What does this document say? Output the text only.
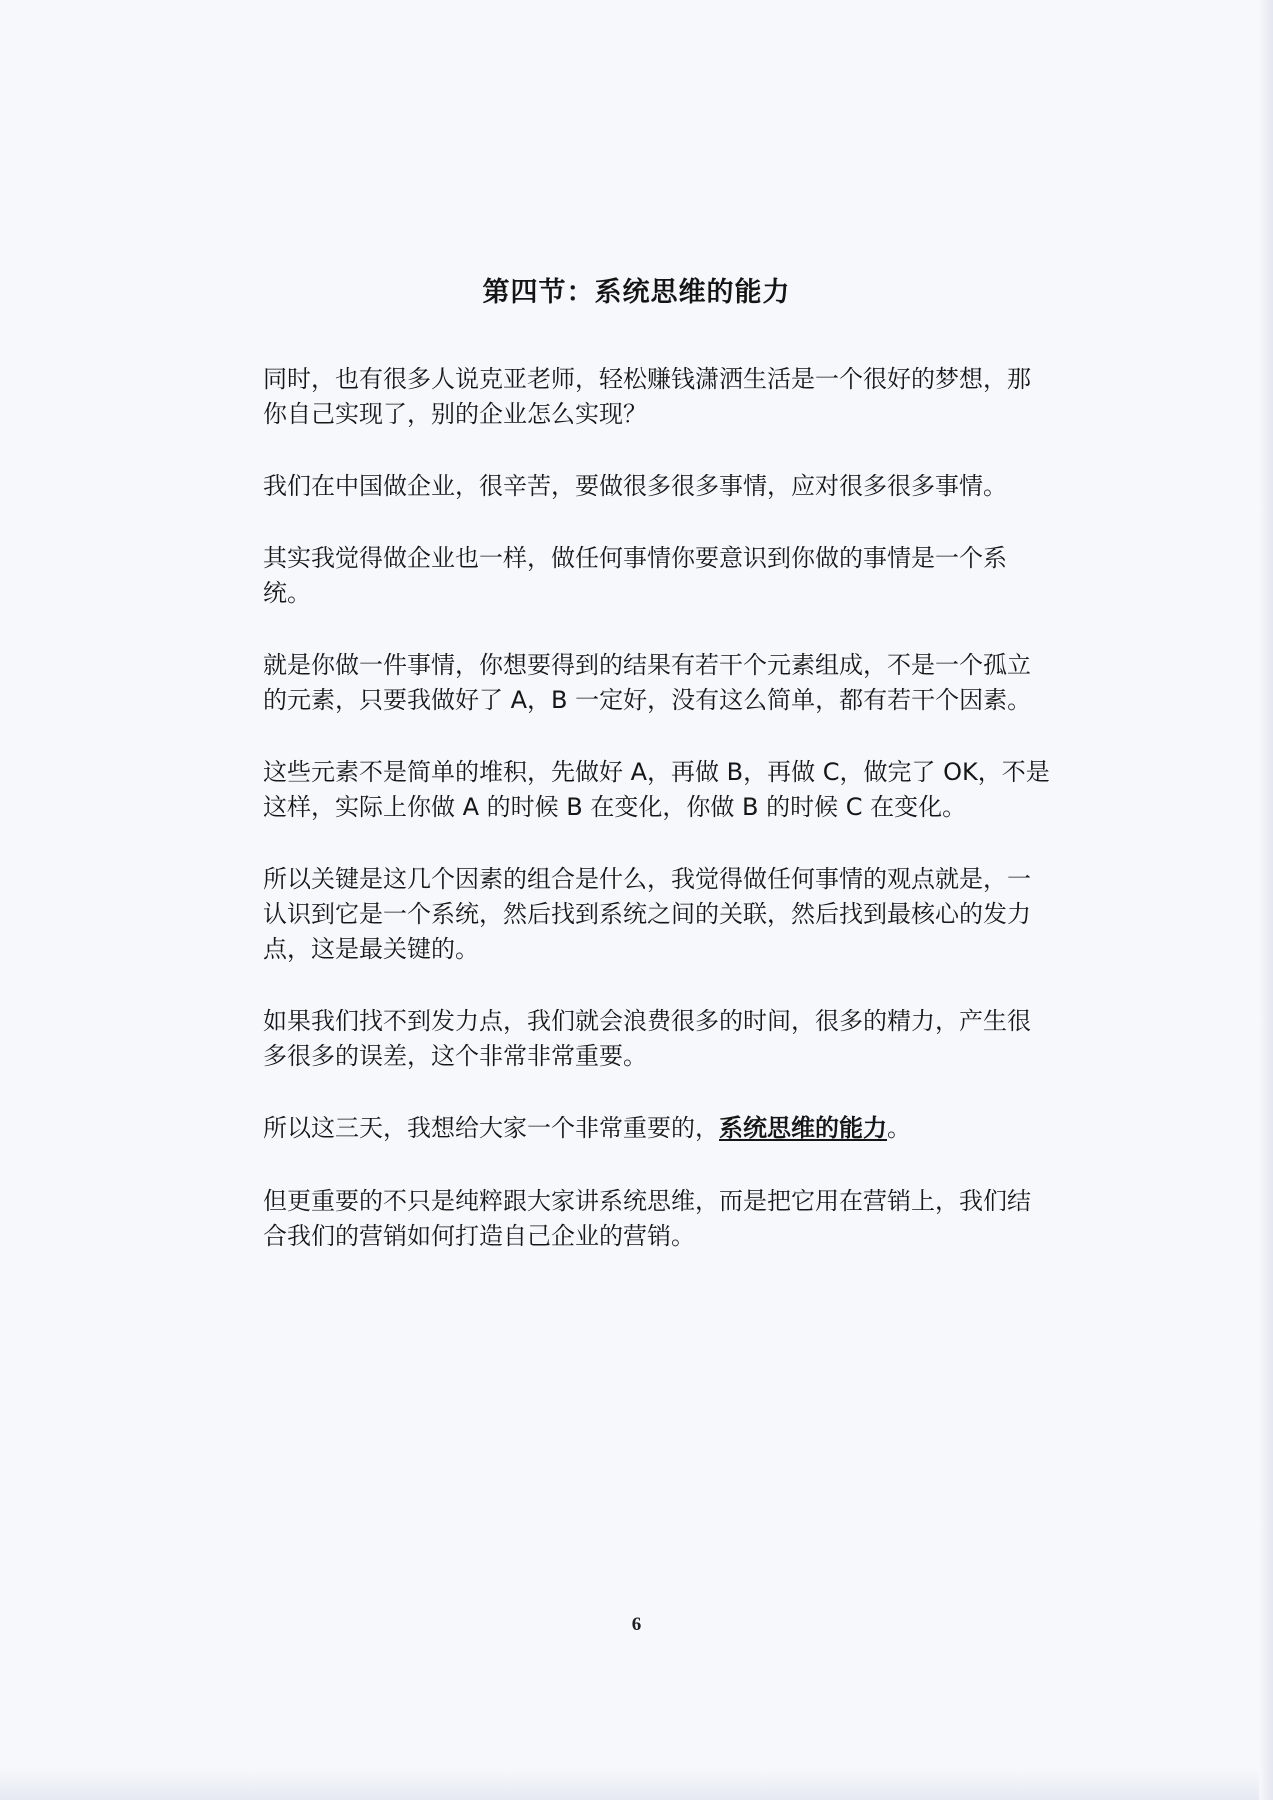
第四节：系统思维的能力

同时，也有很多人说克亚老师，轻松赚钱潇洒生活是一个很好的梦想，那你自己实现了，别的企业怎么实现？

我们在中国做企业，很辛苦，要做很多很多事情，应对很多很多事情。

其实我觉得做企业也一样，做任何事情你要意识到你做的事情是一个系统。

就是你做一件事情，你想要得到的结果有若干个元素组成，不是一个孤立的元素，只要我做好了 A，B 一定好，没有这么简单，都有若干个因素。

这些元素不是简单的堆积，先做好 A，再做 B，再做 C，做完了 OK，不是这样，实际上你做 A 的时候 B 在变化，你做 B 的时候 C 在变化。

所以关键是这几个因素的组合是什么，我觉得做任何事情的观点就是，一认识到它是一个系统，然后找到系统之间的关联，然后找到最核心的发力点，这是最关键的。

如果我们找不到发力点，我们就会浪费很多的时间，很多的精力，产生很多很多的误差，这个非常非常重要。

所以这三天，我想给大家一个非常重要的，系统思维的能力。

但更重要的不只是纯粹跟大家讲系统思维，而是把它用在营销上，我们结合我们的营销如何打造自己企业的营销。

6
